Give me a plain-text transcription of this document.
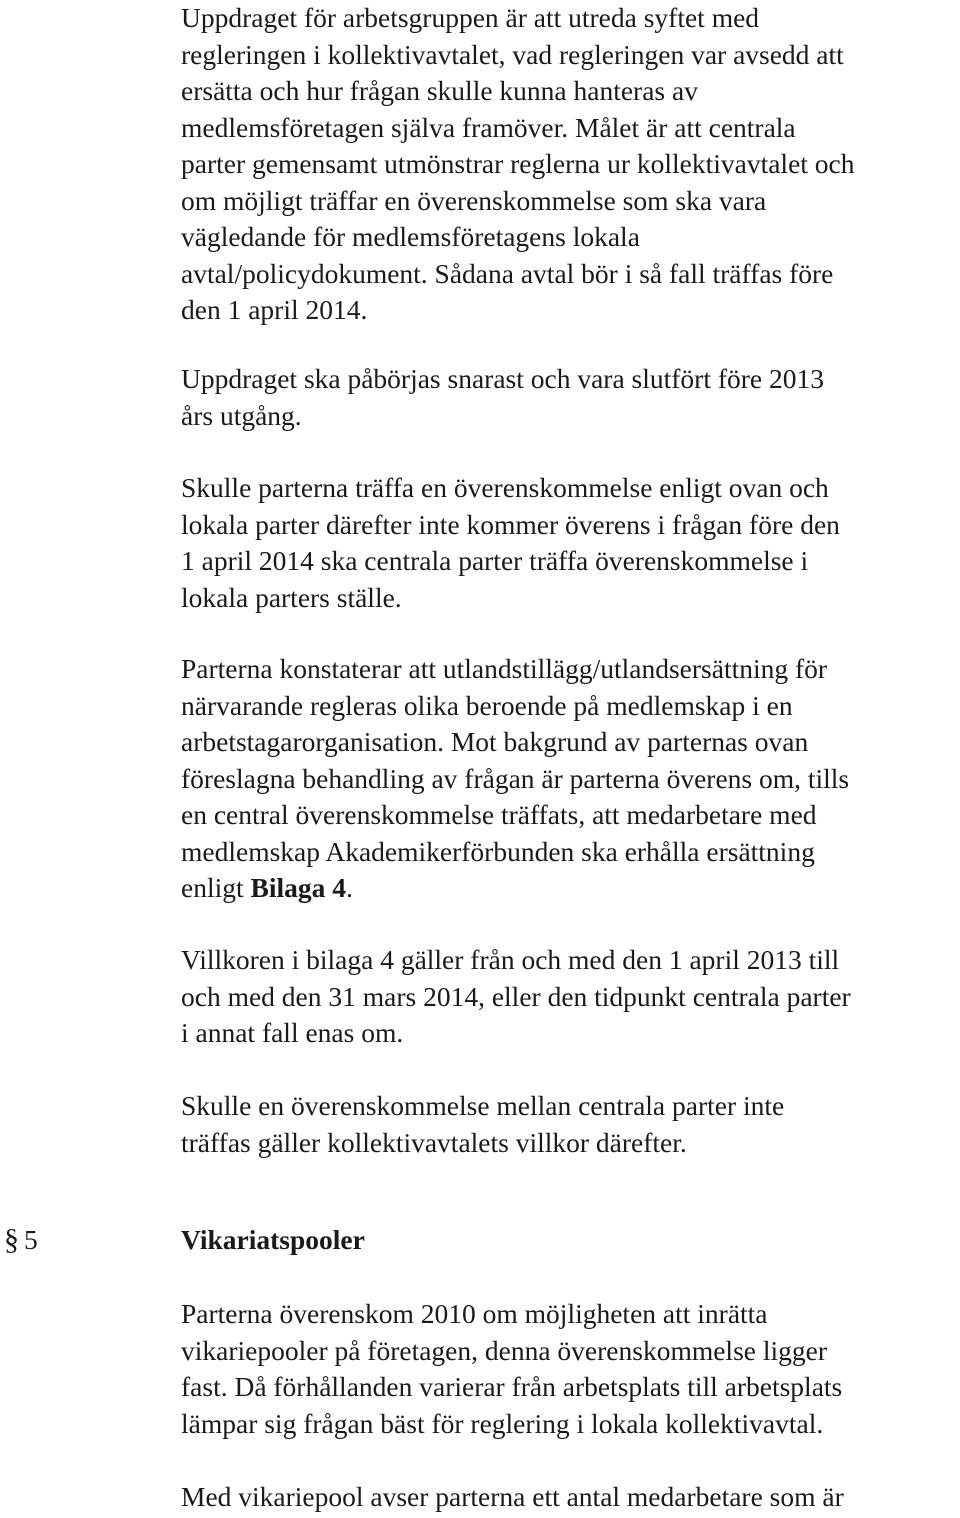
Uppdraget för arbetsgruppen är att utreda syftet med
regleringen i kollektivavtalet, vad regleringen var avsedd att
ersätta och hur frågan skulle kunna hanteras av
medlemsföretagen själva framöver. Målet är att centrala
parter gemensamt utmönstrar reglerna ur kollektivavtalet och
om möjligt träffar en överenskommelse som ska vara
vägledande för medlemsföretagens lokala
avtal/policydokument. Sådana avtal bör i så fall träffas före
den 1 april 2014.

Uppdraget ska påbörjas snarast och vara slutfört före 2013
års utgång.

Skulle parterna träffa en överenskommelse enligt ovan och
lokala parter därefter inte kommer överens i frågan före den
1 april 2014 ska centrala parter träffa överenskommelse i
lokala parters ställe.

Parterna konstaterar att utlandstillägg/utlandsersättning för
närvarande regleras olika beroende på medlemskap i en
arbetstagarorganisation. Mot bakgrund av parternas ovan
föreslagna behandling av frågan är parterna överens om, tills
en central överenskommelse träffats, att medarbetare med
medlemskap Akademikerförbunden ska erhålla ersättning
enligt Bilaga 4.

Villkoren i bilaga 4 gäller från och med den 1 april 2013 till
och med den 31 mars 2014, eller den tidpunkt centrala parter
i annat fall enas om.

Skulle en överenskommelse mellan centrala parter inte
träffas gäller kollektivavtalets villkor därefter.

§ 5	Vikariatspooler

Parterna överenskom 2010 om möjligheten att inrätta
vikariepooler på företagen, denna överenskommelse ligger
fast. Då förhållanden varierar från arbetsplats till arbetsplats
lämpar sig frågan bäst för reglering i lokala kollektivavtal.

Med vikariepool avser parterna ett antal medarbetare som är
